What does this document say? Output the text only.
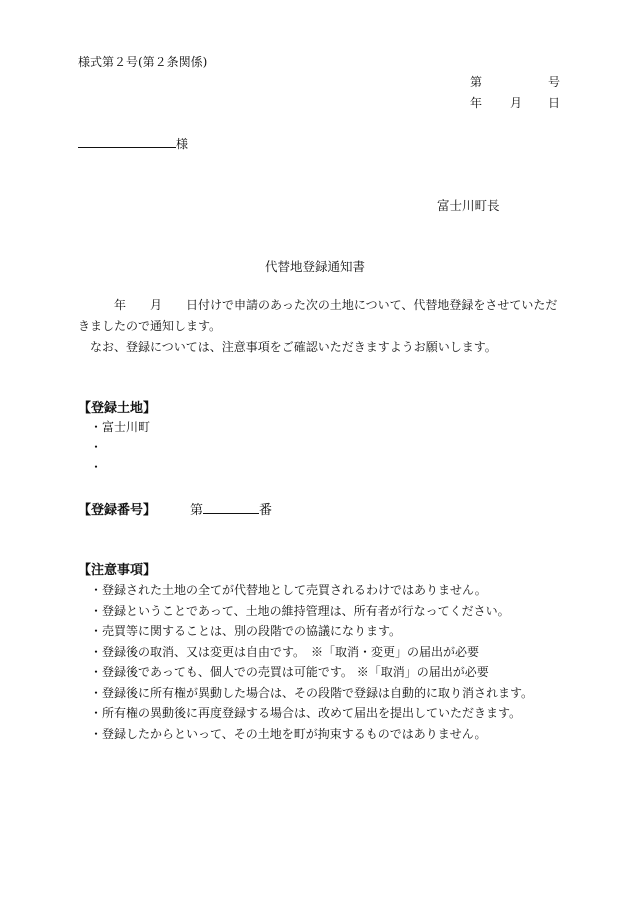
様式第２号(第２条関係)
第	号
年 月 日
様
富士川町長
代替地登録通知書

年 月 日付けで申請のあった次の土地について、代替地登録をさせていただきましたので通知します。

なお、登録については、注意事項をご確認いただきますようお願いします。

【登録土地】
・富士川町
・
・
【登録番号】	第	番
【注意事項】
・登録された土地の全てが代替地として売買されるわけではありません。
・登録ということであって、土地の維持管理は、所有者が行なってください。
・売買等に関することは、別の段階での協議になります。
・登録後の取消、又は変更は自由です。　※「取消・変更」の届出が必要
・登録後であっても、個人での売買は可能です。 ※「取消」の届出が必要
・登録後に所有権が異動した場合は、その段階で登録は自動的に取り消されます。
・所有権の異動後に再度登録する場合は、改めて届出を提出していただきます。
・登録したからといって、その土地を町が拘束するものではありません。
